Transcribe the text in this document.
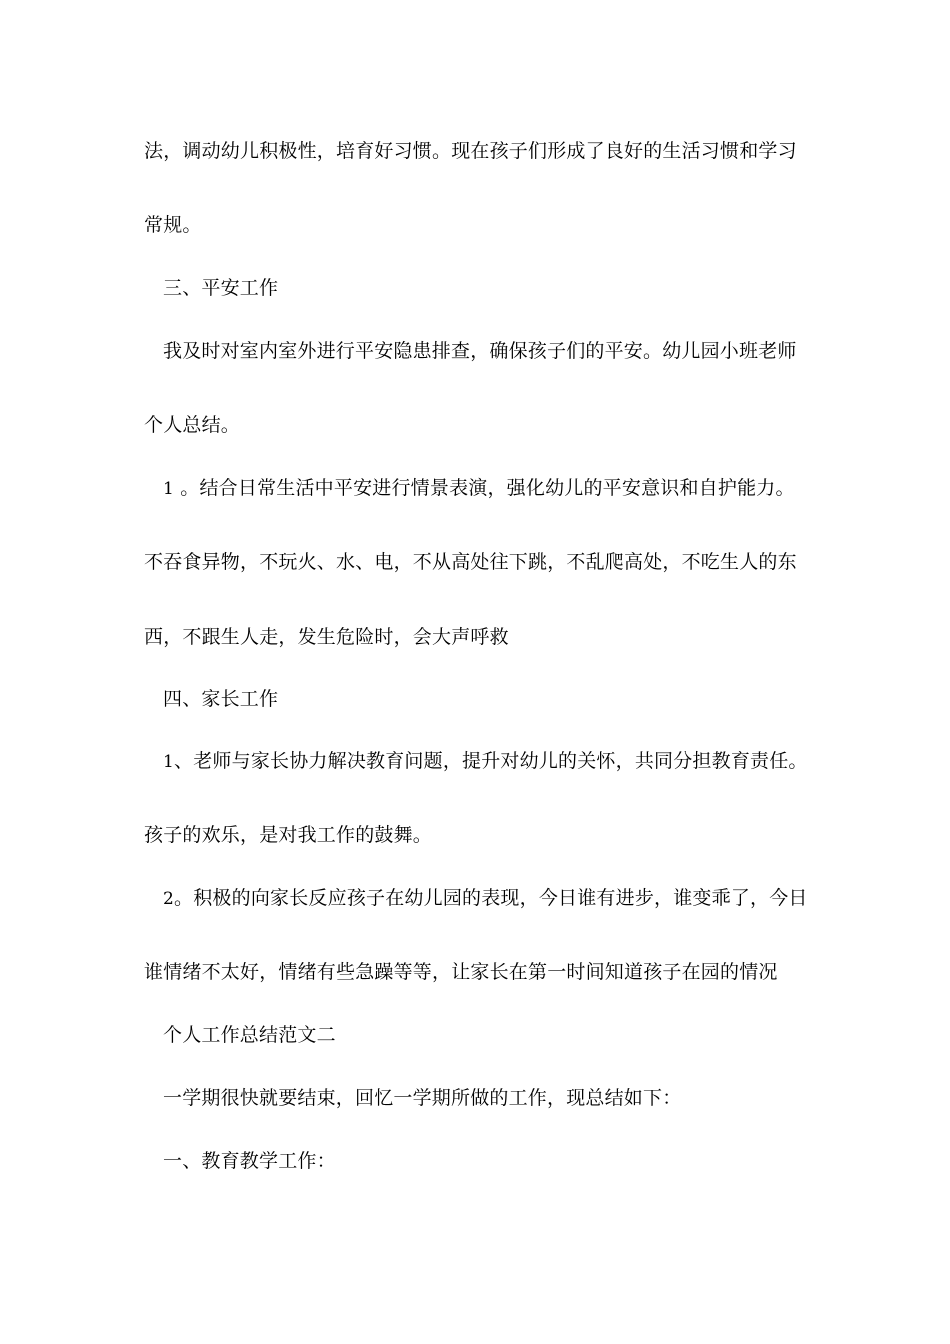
法，调动幼儿积极性，培育好习惯。现在孩子们形成了良好的生活习惯和学习
常规。
三、平安工作
我及时对室内室外进行平安隐患排查，确保孩子们的平安。幼儿园小班老师
个人总结。
1 。结合日常生活中平安进行情景表演，强化幼儿的平安意识和自护能力。
不吞食异物，不玩火、水、电，不从高处往下跳，不乱爬高处，不吃生人的东
西，不跟生人走，发生危险时，会大声呼救
四、家长工作
1、老师与家长协力解决教育问题，提升对幼儿的关怀，共同分担教育责任。
孩子的欢乐，是对我工作的鼓舞。
2。积极的向家长反应孩子在幼儿园的表现，今日谁有进步，谁变乖了，今日
谁情绪不太好，情绪有些急躁等等，让家长在第一时间知道孩子在园的情况
个人工作总结范文二
一学期很快就要结束，回忆一学期所做的工作，现总结如下：
一、教育教学工作：
